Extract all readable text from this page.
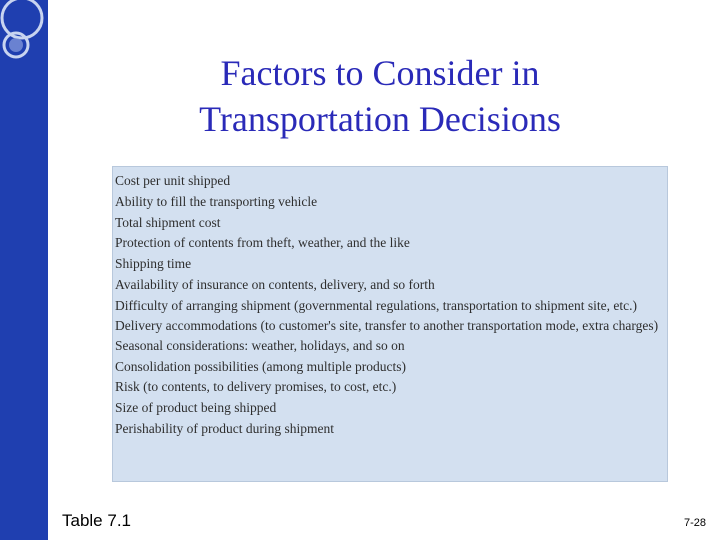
Factors to Consider in
Transportation Decisions
Cost per unit shipped
Ability to fill the transporting vehicle
Total shipment cost
Protection of contents from theft, weather, and the like
Shipping time
Availability of insurance on contents, delivery, and so forth
Difficulty of arranging shipment (governmental regulations, transportation to shipment site, etc.)
Delivery accommodations (to customer's site, transfer to another transportation mode, extra charges)
Seasonal considerations: weather, holidays, and so on
Consolidation possibilities (among multiple products)
Risk (to contents, to delivery promises, to cost, etc.)
Size of product being shipped
Perishability of product during shipment
Table 7.1	7-28
